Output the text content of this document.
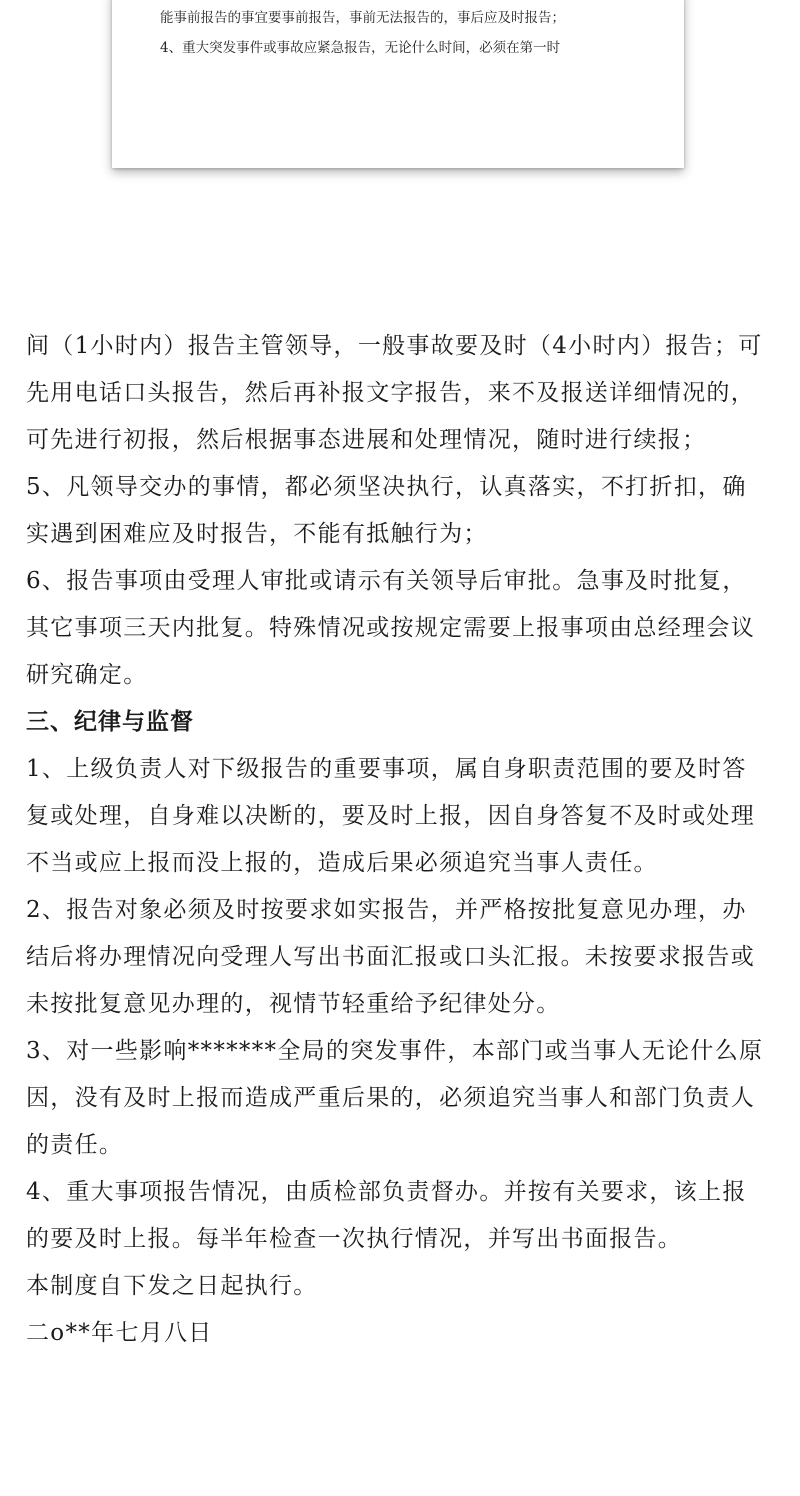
能事前报告的事宜要事前报告，事前无法报告的，事后应及时报告；
4、重大突发事件或事故应紧急报告，无论什么时间，必须在第一时
间（1小时内）报告主管领导，一般事故要及时（4小时内）报告；可
先用电话口头报告，然后再补报文字报告，来不及报送详细情况的，
可先进行初报，然后根据事态进展和处理情况，随时进行续报；
5、凡领导交办的事情，都必须坚决执行，认真落实，不打折扣，确
实遇到困难应及时报告，不能有抵触行为；
6、报告事项由受理人审批或请示有关领导后审批。急事及时批复，
其它事项三天内批复。特殊情况或按规定需要上报事项由总经理会议
研究确定。
三、纪律与监督
1、上级负责人对下级报告的重要事项，属自身职责范围的要及时答
复或处理，自身难以决断的，要及时上报，因自身答复不及时或处理
不当或应上报而没上报的，造成后果必须追究当事人责任。
2、报告对象必须及时按要求如实报告，并严格按批复意见办理，办
结后将办理情况向受理人写出书面汇报或口头汇报。未按要求报告或
未按批复意见办理的，视情节轻重给予纪律处分。
3、对一些影响*******全局的突发事件，本部门或当事人无论什么原
因，没有及时上报而造成严重后果的，必须追究当事人和部门负责人
的责任。
4、重大事项报告情况，由质检部负责督办。并按有关要求，该上报
的要及时上报。每半年检查一次执行情况，并写出书面报告。
本制度自下发之日起执行。
二o**年七月八日
